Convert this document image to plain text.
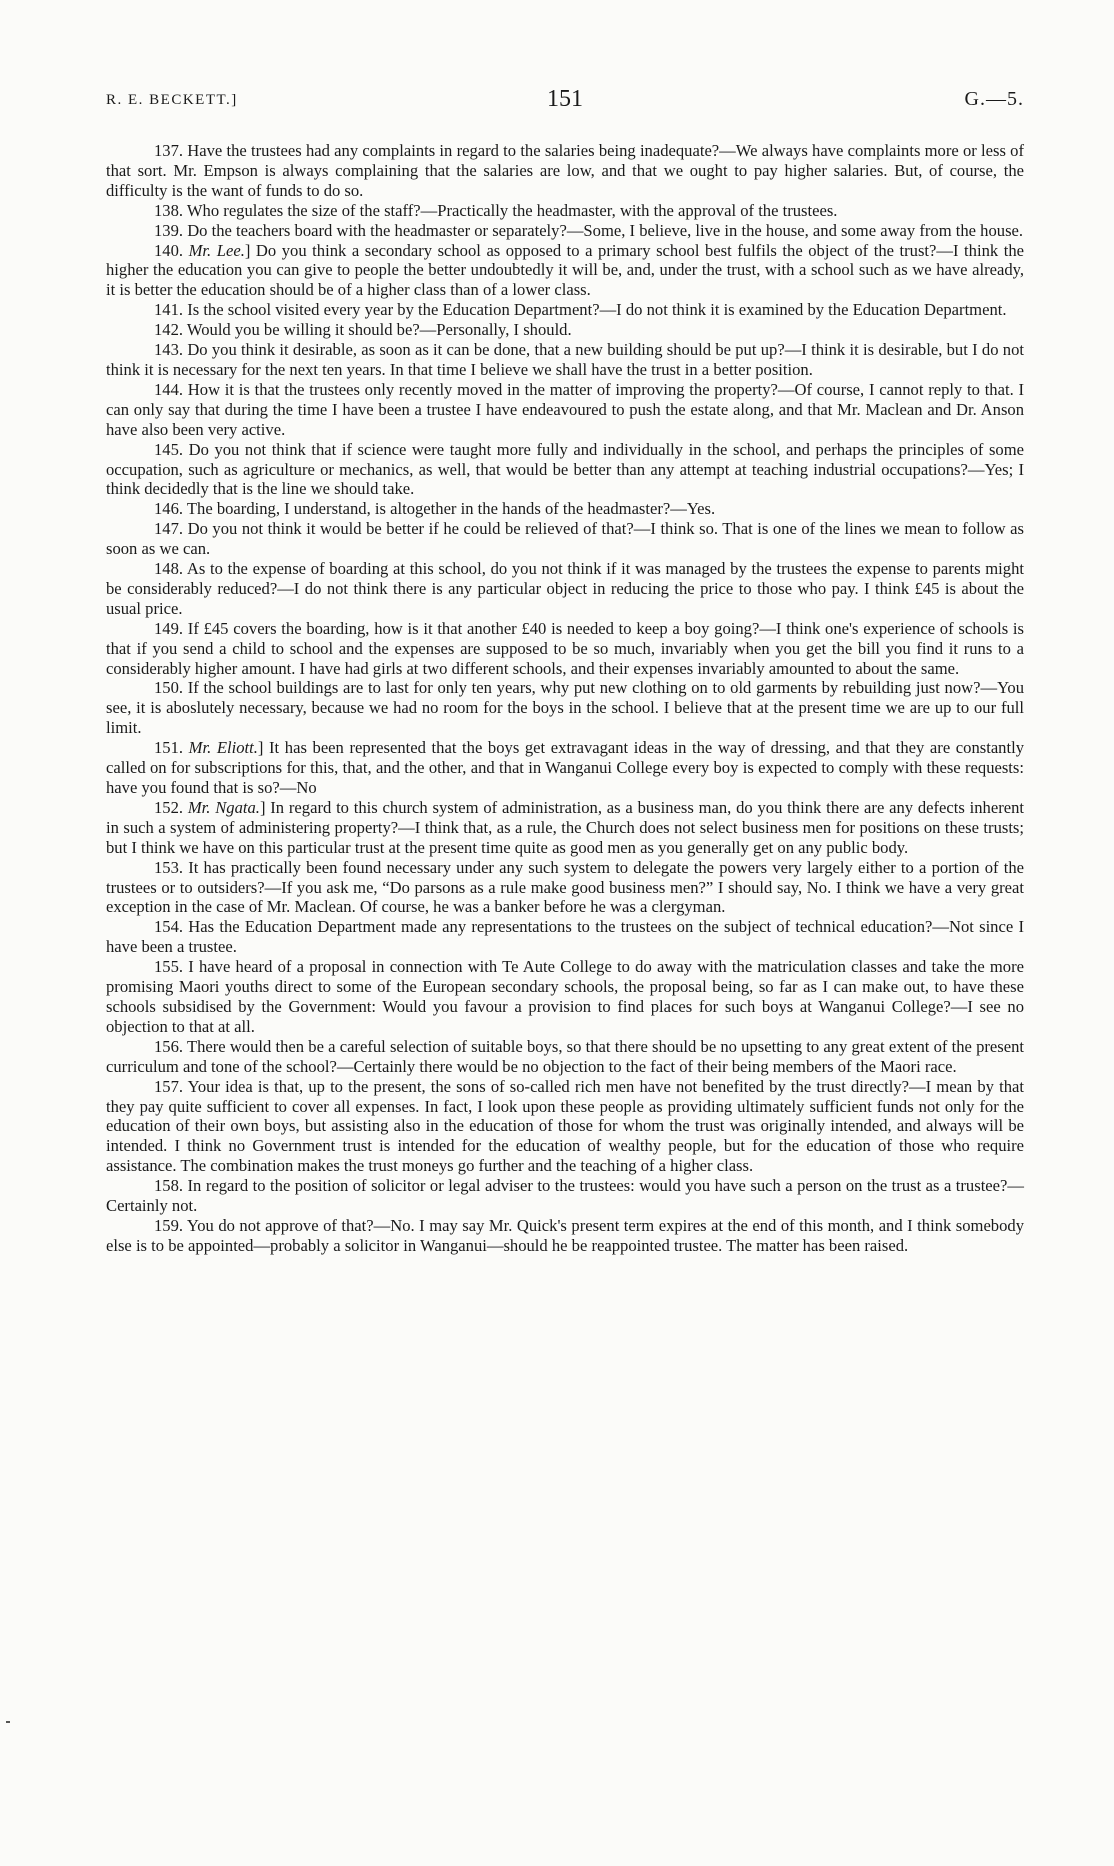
R. E. BECKETT.]	151	G.—5.

137. Have the trustees had any complaints in regard to the salaries being inadequate?—We always have complaints more or less of that sort. Mr. Empson is always complaining that the salaries are low, and that we ought to pay higher salaries. But, of course, the difficulty is the want of funds to do so.

138. Who regulates the size of the staff?—Practically the headmaster, with the approval of the trustees.

139. Do the teachers board with the headmaster or separately?—Some, I believe, live in the house, and some away from the house.

140. Mr. Lee.] Do you think a secondary school as opposed to a primary school best fulfils the object of the trust?—I think the higher the education you can give to people the better undoubtedly it will be, and, under the trust, with a school such as we have already, it is better the education should be of a higher class than of a lower class.

141. Is the school visited every year by the Education Department?—I do not think it is examined by the Education Department.

142. Would you be willing it should be?—Personally, I should.

143. Do you think it desirable, as soon as it can be done, that a new building should be put up?—I think it is desirable, but I do not think it is necessary for the next ten years. In that time I believe we shall have the trust in a better position.

144. How it is that the trustees only recently moved in the matter of improving the property?—Of course, I cannot reply to that. I can only say that during the time I have been a trustee I have endeavoured to push the estate along, and that Mr. Maclean and Dr. Anson have also been very active.

145. Do you not think that if science were taught more fully and individually in the school, and perhaps the principles of some occupation, such as agriculture or mechanics, as well, that would be better than any attempt at teaching industrial occupations?—Yes; I think decidedly that is the line we should take.

146. The boarding, I understand, is altogether in the hands of the headmaster?—Yes.

147. Do you not think it would be better if he could be relieved of that?—I think so. That is one of the lines we mean to follow as soon as we can.

148. As to the expense of boarding at this school, do you not think if it was managed by the trustees the expense to parents might be considerably reduced?—I do not think there is any particular object in reducing the price to those who pay. I think £45 is about the usual price.

149. If £45 covers the boarding, how is it that another £40 is needed to keep a boy going?—I think one's experience of schools is that if you send a child to school and the expenses are supposed to be so much, invariably when you get the bill you find it runs to a considerably higher amount. I have had girls at two different schools, and their expenses invariably amounted to about the same.

150. If the school buildings are to last for only ten years, why put new clothing on to old garments by rebuilding just now?—You see, it is aboslutely necessary, because we had no room for the boys in the school. I believe that at the present time we are up to our full limit.

151. Mr. Eliott.] It has been represented that the boys get extravagant ideas in the way of dressing, and that they are constantly called on for subscriptions for this, that, and the other, and that in Wanganui College every boy is expected to comply with these requests: have you found that is so?—No

152. Mr. Ngata.] In regard to this church system of administration, as a business man, do you think there are any defects inherent in such a system of administering property?—I think that, as a rule, the Church does not select business men for positions on these trusts; but I think we have on this particular trust at the present time quite as good men as you generally get on any public body.

153. It has practically been found necessary under any such system to delegate the powers very largely either to a portion of the trustees or to outsiders?—If you ask me, “Do parsons as a rule make good business men?” I should say, No. I think we have a very great exception in the case of Mr. Maclean. Of course, he was a banker before he was a clergyman.

154. Has the Education Department made any representations to the trustees on the subject of technical education?—Not since I have been a trustee.

155. I have heard of a proposal in connection with Te Aute College to do away with the matriculation classes and take the more promising Maori youths direct to some of the European secondary schools, the proposal being, so far as I can make out, to have these schools subsidised by the Government: Would you favour a provision to find places for such boys at Wanganui College?—I see no objection to that at all.

156. There would then be a careful selection of suitable boys, so that there should be no upsetting to any great extent of the present curriculum and tone of the school?—Certainly there would be no objection to the fact of their being members of the Maori race.

157. Your idea is that, up to the present, the sons of so-called rich men have not benefited by the trust directly?—I mean by that they pay quite sufficient to cover all expenses. In fact, I look upon these people as providing ultimately sufficient funds not only for the education of their own boys, but assisting also in the education of those for whom the trust was originally intended, and always will be intended. I think no Government trust is intended for the education of wealthy people, but for the education of those who require assistance. The combination makes the trust moneys go further and the teaching of a higher class.

158. In regard to the position of solicitor or legal adviser to the trustees: would you have such a person on the trust as a trustee?—Certainly not.

159. You do not approve of that?—No. I may say Mr. Quick's present term expires at the end of this month, and I think somebody else is to be appointed—probably a solicitor in Wanganui—should he be reappointed trustee. The matter has been raised.
